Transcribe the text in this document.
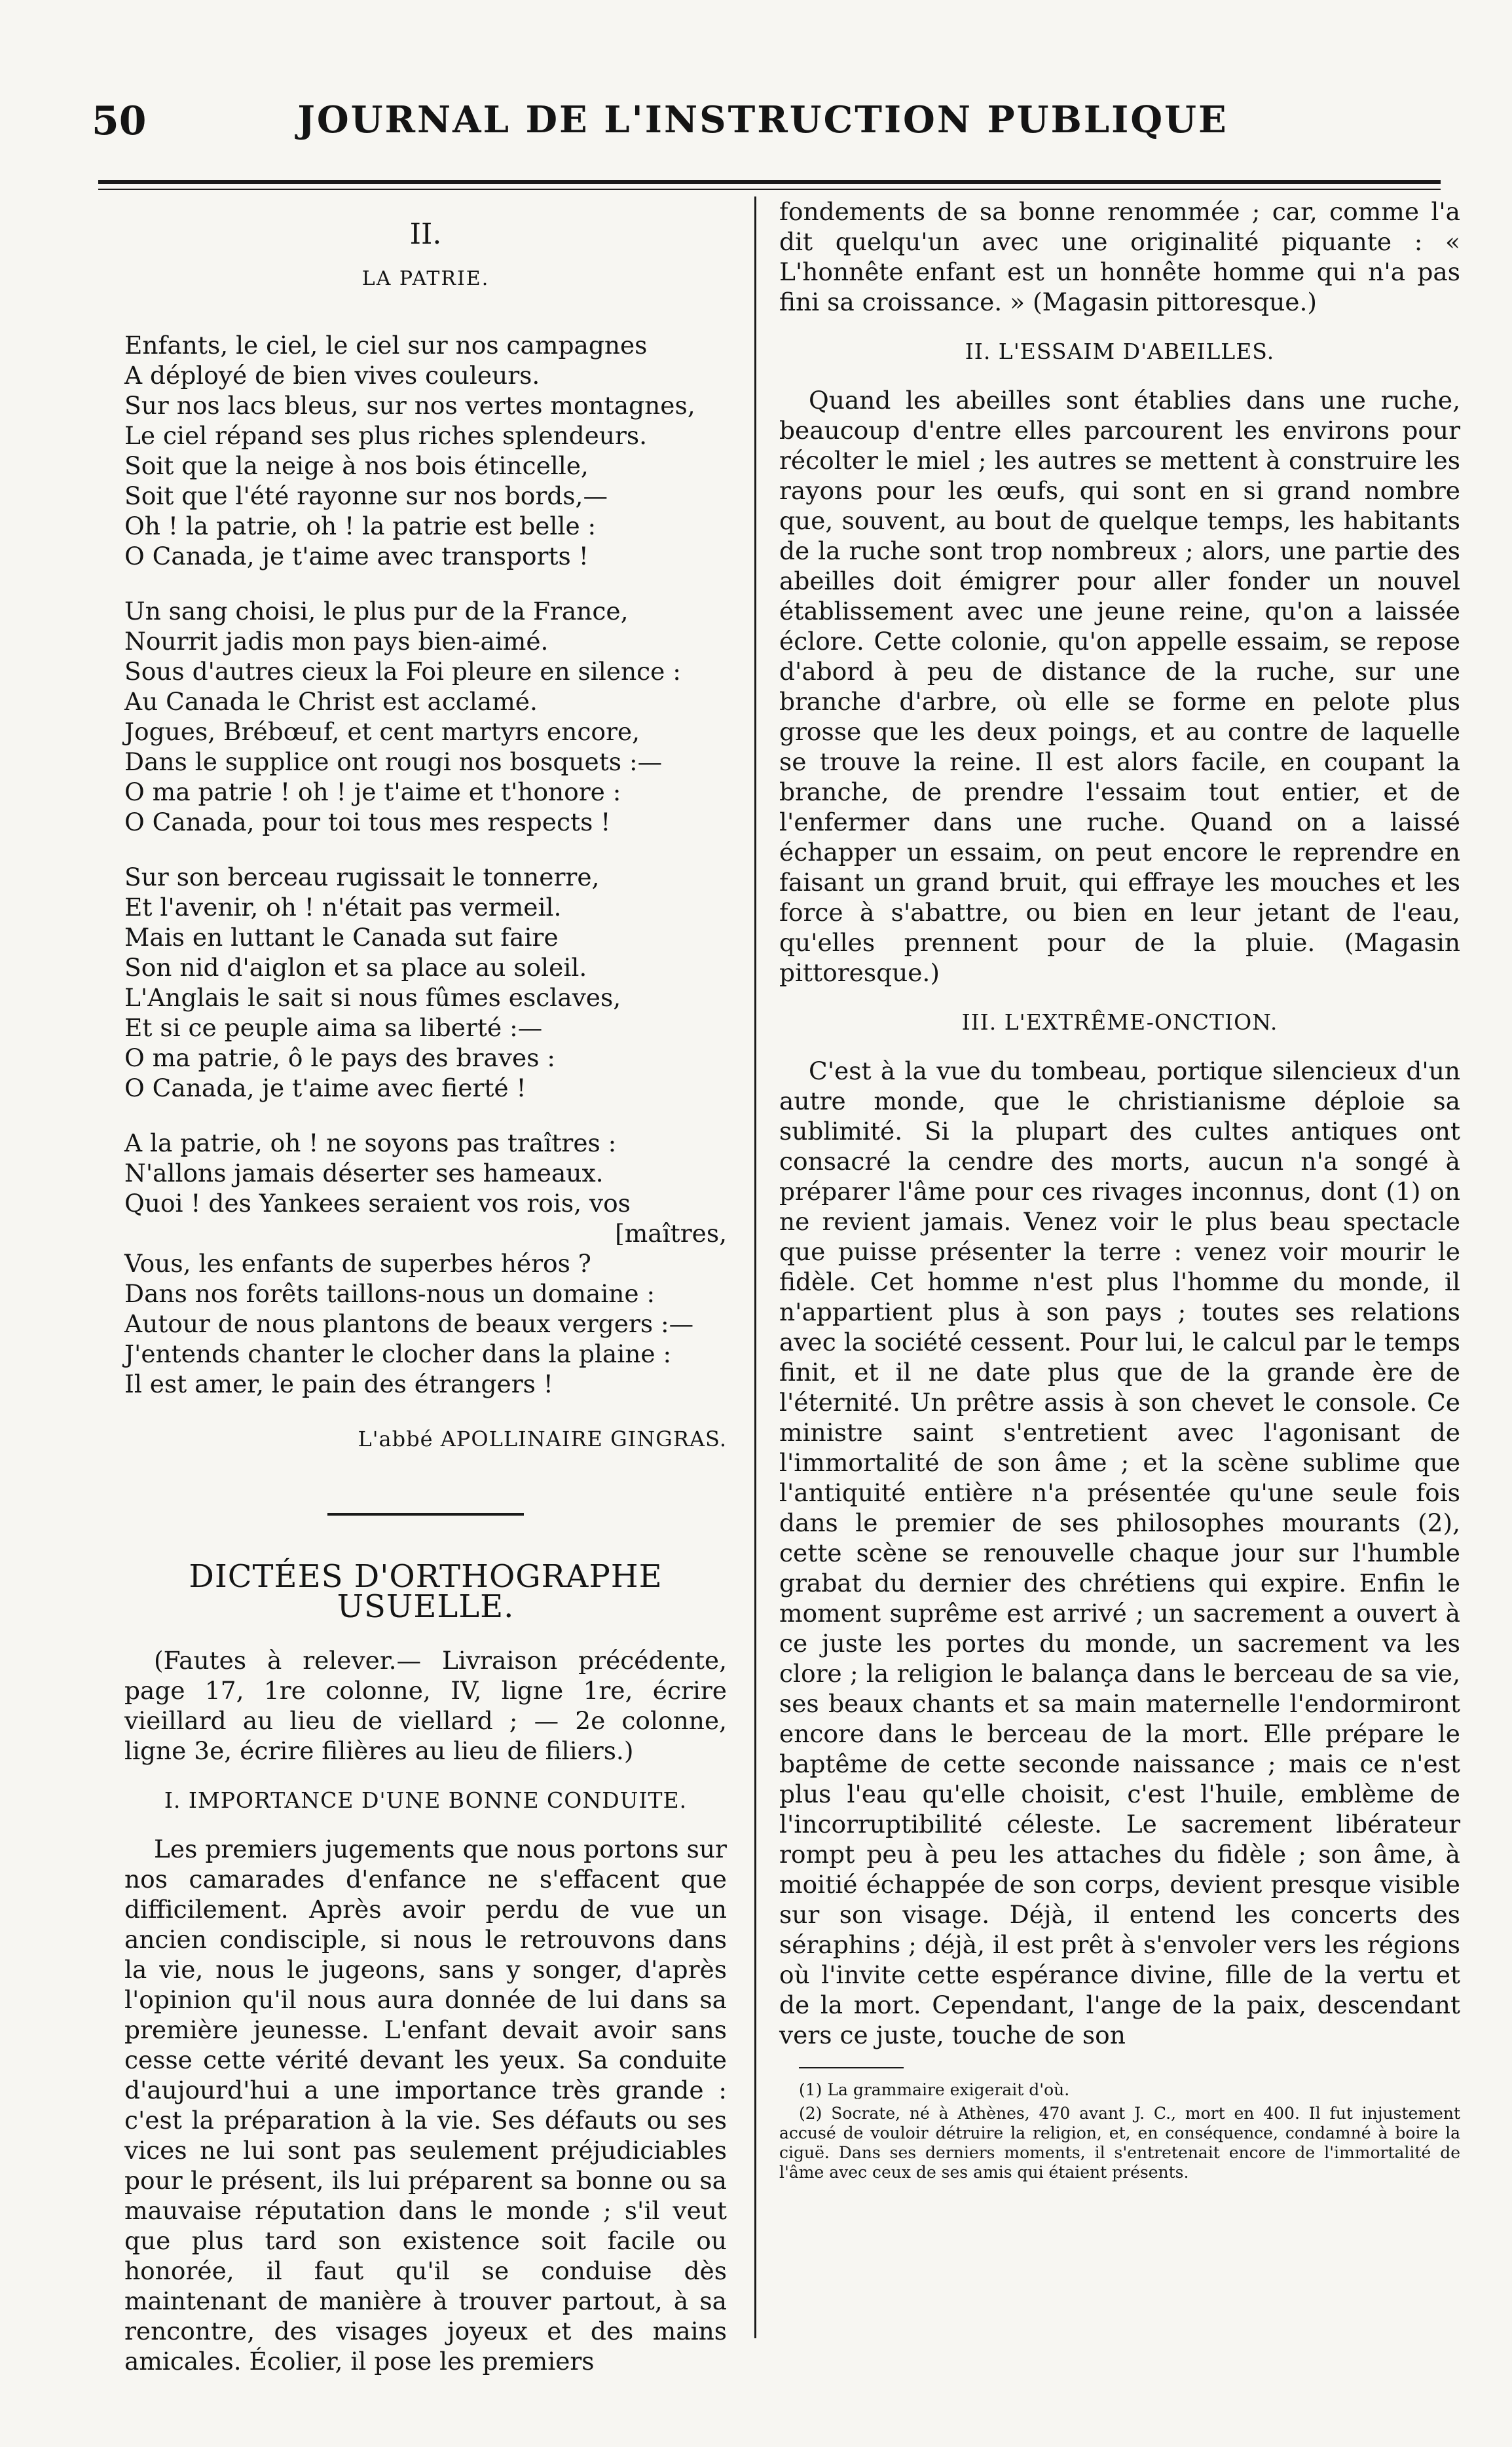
50	JOURNAL DE L'INSTRUCTION PUBLIQUE
II.
LA PATRIE.
Enfants, le ciel, le ciel sur nos campagnes
A déployé de bien vives couleurs.
Sur nos lacs bleus, sur nos vertes montagnes,
Le ciel répand ses plus riches splendeurs.
Soit que la neige à nos bois étincelle,
Soit que l'été rayonne sur nos bords,—
Oh ! la patrie, oh ! la patrie est belle :
O Canada, je t'aime avec transports !
Un sang choisi, le plus pur de la France,
Nourrit jadis mon pays bien-aimé.
Sous d'autres cieux la Foi pleure en silence :
Au Canada le Christ est acclamé.
Jogues, Brébœuf, et cent martyrs encore,
Dans le supplice ont rougi nos bosquets :—
O ma patrie ! oh ! je t'aime et t'honore :
O Canada, pour toi tous mes respects !
Sur son berceau rugissait le tonnerre,
Et l'avenir, oh ! n'était pas vermeil.
Mais en luttant le Canada sut faire
Son nid d'aiglon et sa place au soleil.
L'Anglais le sait si nous fûmes esclaves,
Et si ce peuple aima sa liberté :—
O ma patrie, ô le pays des braves :
O Canada, je t'aime avec fierté !
A la patrie, oh ! ne soyons pas traîtres :
N'allons jamais déserter ses hameaux.
Quoi ! des Yankees seraient vos rois, vos
[maîtres,
Vous, les enfants de superbes héros ?
Dans nos forêts taillons-nous un domaine :
Autour de nous plantons de beaux vergers :—
J'entends chanter le clocher dans la plaine :
Il est amer, le pain des étrangers !
L'abbé APOLLINAIRE GINGRAS.
DICTÉES D'ORTHOGRAPHE USUELLE.

(Fautes à relever.— Livraison précédente, page 17, 1re colonne, IV, ligne 1re, écrire vieillard au lieu de viellard ; — 2e colonne, ligne 3e, écrire filières au lieu de filiers.)

I. IMPORTANCE D'UNE BONNE CONDUITE.

Les premiers jugements que nous portons sur nos camarades d'enfance ne s'effacent que difficilement. Après avoir perdu de vue un ancien condisciple, si nous le retrouvons dans la vie, nous le jugeons, sans y songer, d'après l'opinion qu'il nous aura donnée de lui dans sa première jeunesse. L'enfant devait avoir sans cesse cette vérité devant les yeux. Sa conduite d'aujourd'hui a une importance très grande : c'est la préparation à la vie. Ses défauts ou ses vices ne lui sont pas seulement préjudiciables pour le présent, ils lui préparent sa bonne ou sa mauvaise réputation dans le monde ; s'il veut que plus tard son existence soit facile ou honorée, il faut qu'il se conduise dès maintenant de manière à trouver partout, à sa rencontre, des visages joyeux et des mains amicales. Écolier, il pose les premiers

fondements de sa bonne renommée ; car, comme l'a dit quelqu'un avec une originalité piquante : « L'honnête enfant est un honnête homme qui n'a pas fini sa croissance. » (Magasin pittoresque.)

II. L'ESSAIM D'ABEILLES.

Quand les abeilles sont établies dans une ruche, beaucoup d'entre elles parcourent les environs pour récolter le miel ; les autres se mettent à construire les rayons pour les œufs, qui sont en si grand nombre que, souvent, au bout de quelque temps, les habitants de la ruche sont trop nombreux ; alors, une partie des abeilles doit émigrer pour aller fonder un nouvel établissement avec une jeune reine, qu'on a laissée éclore. Cette colonie, qu'on appelle essaim, se repose d'abord à peu de distance de la ruche, sur une branche d'arbre, où elle se forme en pelote plus grosse que les deux poings, et au contre de laquelle se trouve la reine. Il est alors facile, en coupant la branche, de prendre l'essaim tout entier, et de l'enfermer dans une ruche. Quand on a laissé échapper un essaim, on peut encore le reprendre en faisant un grand bruit, qui effraye les mouches et les force à s'abattre, ou bien en leur jetant de l'eau, qu'elles prennent pour de la pluie. (Magasin pittoresque.)

III. L'EXTRÊME-ONCTION.

C'est à la vue du tombeau, portique silencieux d'un autre monde, que le christianisme déploie sa sublimité. Si la plupart des cultes antiques ont consacré la cendre des morts, aucun n'a songé à préparer l'âme pour ces rivages inconnus, dont (1) on ne revient jamais. Venez voir le plus beau spectacle que puisse présenter la terre : venez voir mourir le fidèle. Cet homme n'est plus l'homme du monde, il n'appartient plus à son pays ; toutes ses relations avec la société cessent. Pour lui, le calcul par le temps finit, et il ne date plus que de la grande ère de l'éternité. Un prêtre assis à son chevet le console. Ce ministre saint s'entretient avec l'agonisant de l'immortalité de son âme ; et la scène sublime que l'antiquité entière n'a présentée qu'une seule fois dans le premier de ses philosophes mourants (2), cette scène se renouvelle chaque jour sur l'humble grabat du dernier des chrétiens qui expire. Enfin le moment suprême est arrivé ; un sacrement a ouvert à ce juste les portes du monde, un sacrement va les clore ; la religion le balança dans le berceau de sa vie, ses beaux chants et sa main maternelle l'endormiront encore dans le berceau de la mort. Elle prépare le baptême de cette seconde naissance ; mais ce n'est plus l'eau qu'elle choisit, c'est l'huile, emblème de l'incorruptibilité céleste. Le sacrement libérateur rompt peu à peu les attaches du fidèle ; son âme, à moitié échappée de son corps, devient presque visible sur son visage. Déjà, il entend les concerts des séraphins ; déjà, il est prêt à s'envoler vers les régions où l'invite cette espérance divine, fille de la vertu et de la mort. Cependant, l'ange de la paix, descendant vers ce juste, touche de son

(1) La grammaire exigerait d'où.

(2) Socrate, né à Athènes, 470 avant J. C., mort en 400. Il fut injustement accusé de vouloir détruire la religion, et, en conséquence, condamné à boire la ciguë. Dans ses derniers moments, il s'entretenait encore de l'immortalité de l'âme avec ceux de ses amis qui étaient présents.
